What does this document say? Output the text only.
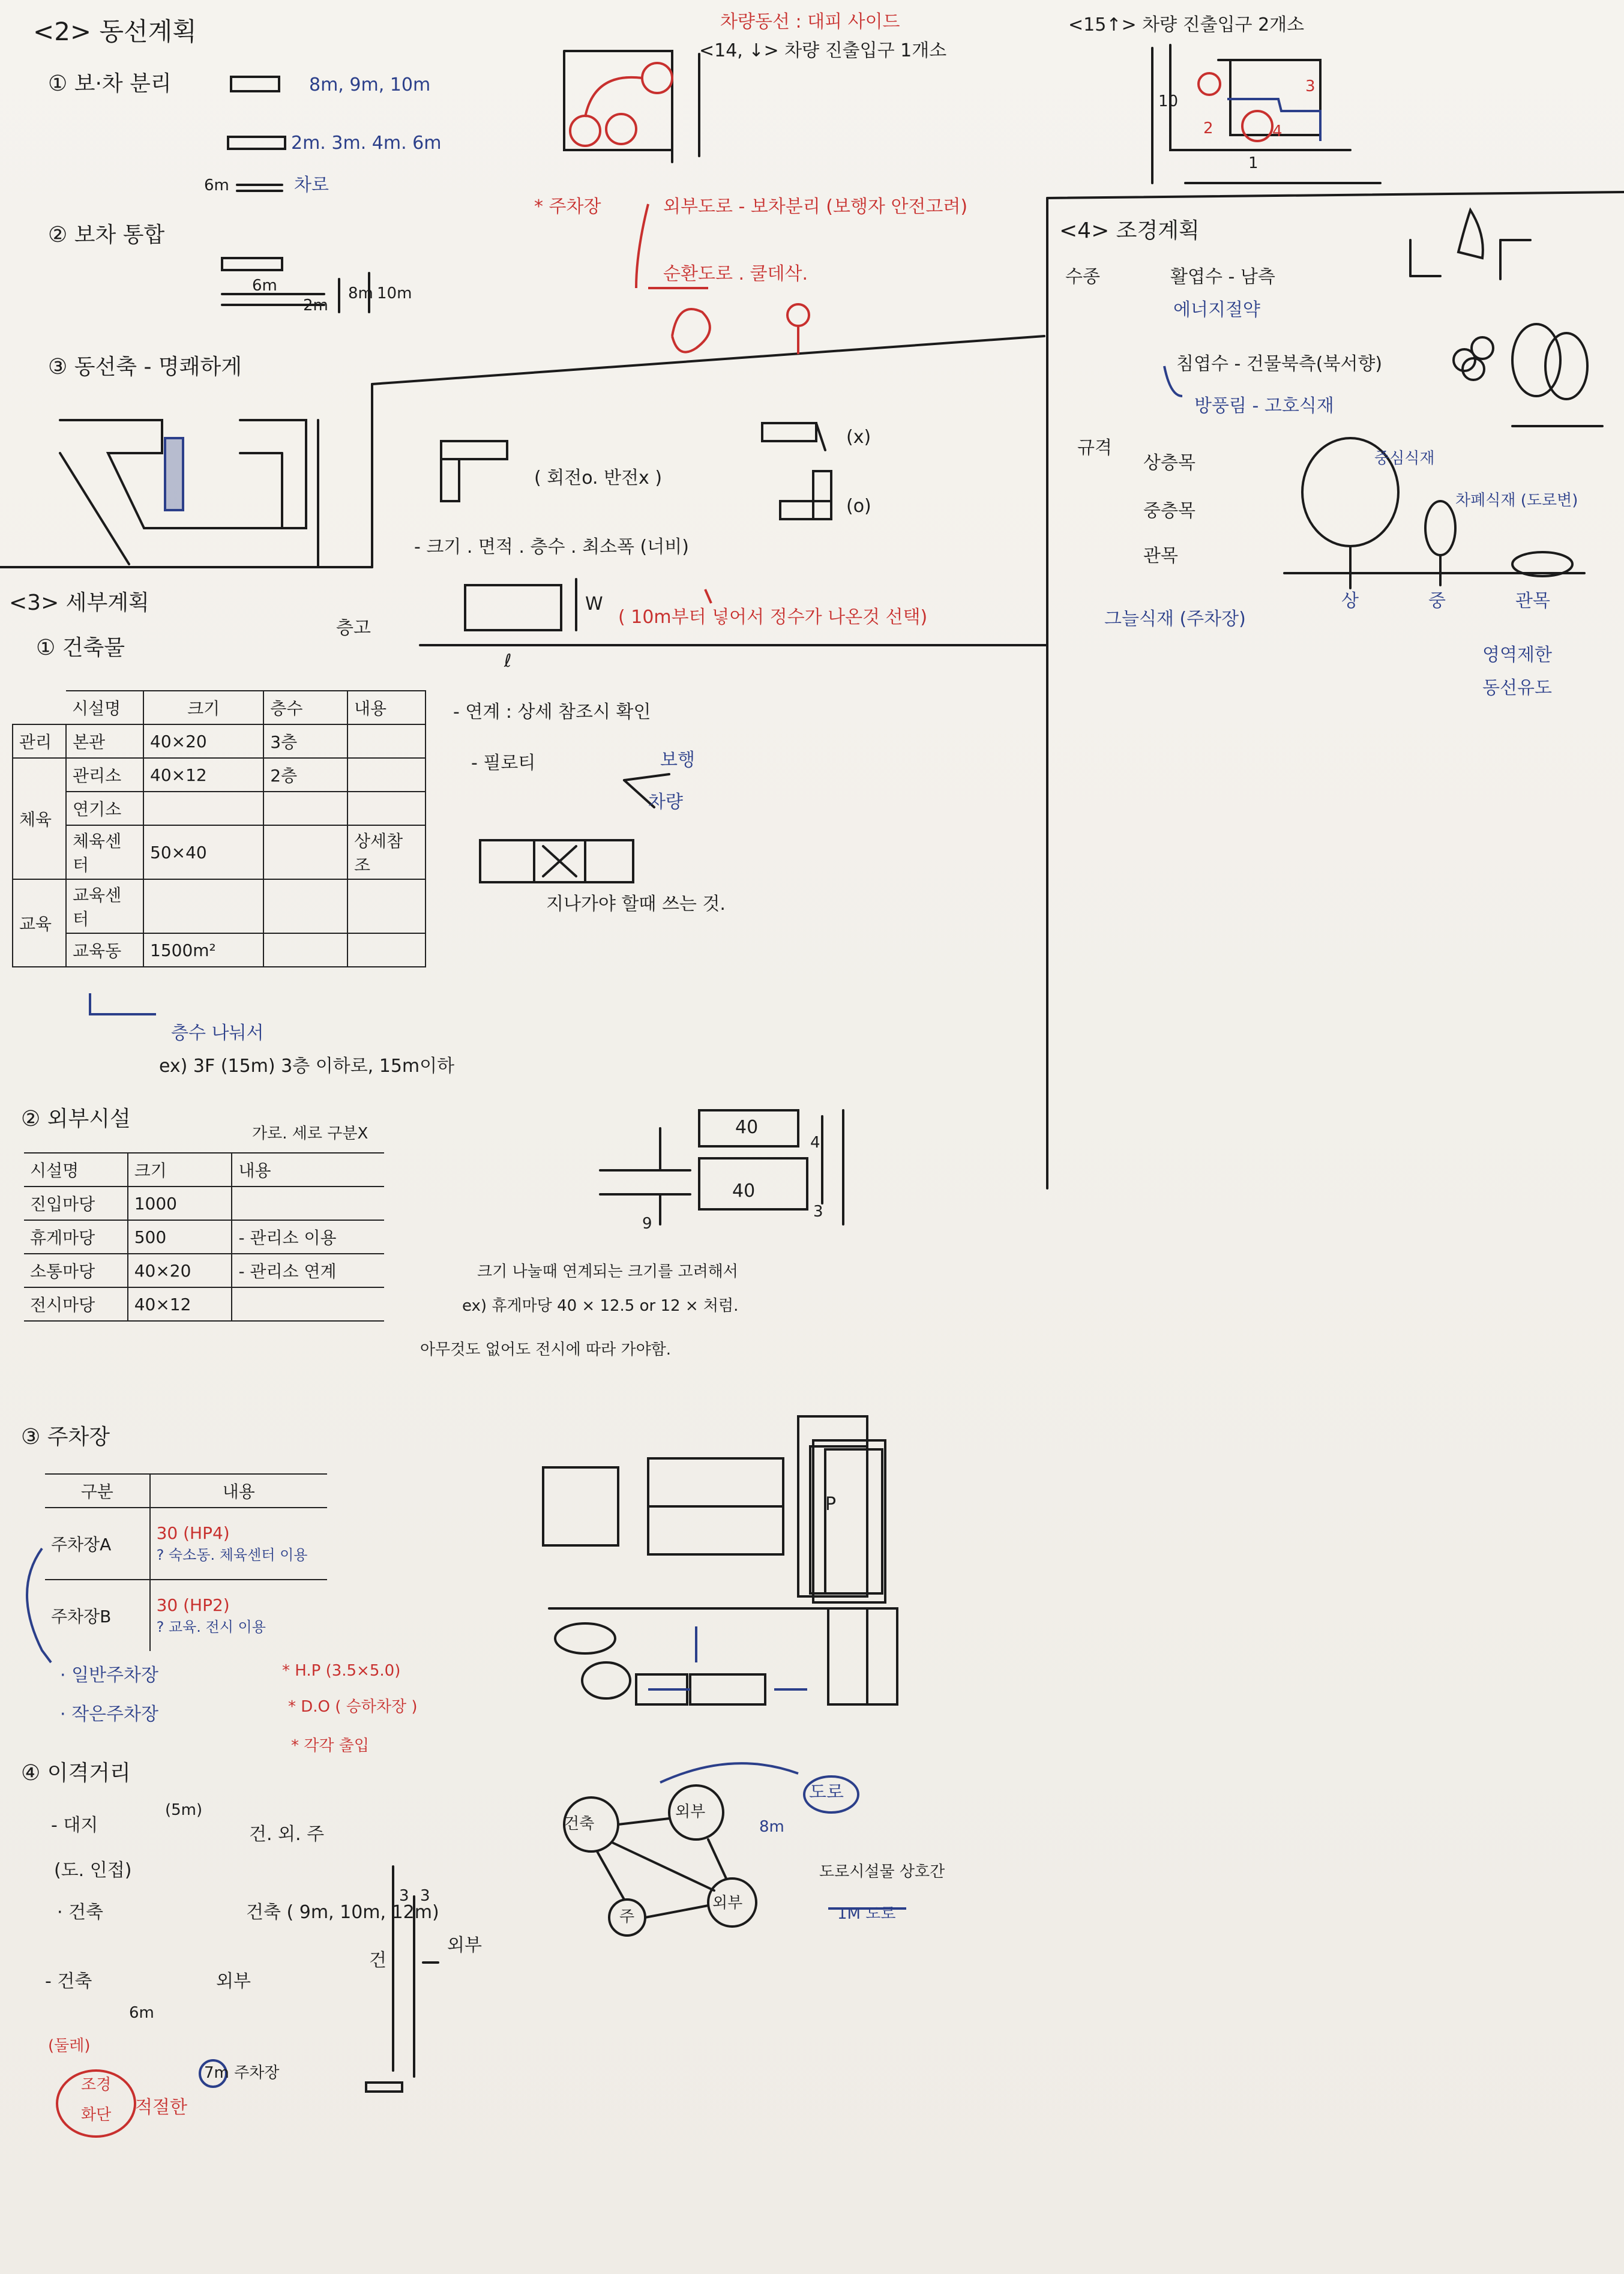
<2> 동선계획
① 보·차 분리	8m, 9m, 10m
2m. 3m. 4m. 6m
6m	차로
② 보차 통합
6m
2m
8m 10m
③ 동선축 - 명쾌하게
차량동선 : 대피 사이드
<14, ↓> 차량 진출입구 1개소
<15↑> 차량 진출입구 2개소
* 주차장	외부도로 - 보차분리 (보행자 안전고려)
순환도로 . 쿨데삭.
10
1
2
3
4
( 회전o. 반전x )
(x)
(o)
- 크기 . 면적 . 층수 . 최소폭 (너비)
W
ℓ
( 10m부터 넣어서 정수가 나온것 선택)
- 연계 : 상세 참조시 확인
- 필로티	보행
차량
지나가야 할때 쓰는 것.
<4> 조경계획
수종	활엽수 - 남측
에너지절약
침엽수 - 건물북측(북서향)
방풍림 - 고호식재
규격
상층목
중층목
관목
중심식재
차폐식재 (도로변)
그늘식재 (주차장)
상	중	관목
영역제한
동선유도
<3> 세부계획
① 건축물
층고
	시설명	크기	층수	내용
관리	본관	40×20	3층	
체육	관리소	40×12	2층	
	연기소			
	체육센터	50×40		상세참조
교육	교육센터			
	교육동	1500m²		
층수 나눠서
ex) 3F (15m) 3층 이하로, 15m이하
② 외부시설
가로. 세로 구분X
시설명	크기	내용
진입마당	1000	
휴게마당	500	- 관리소 이용
소통마당	40×20	- 관리소 연계
전시마당	40×12	
40
40
4
3
9
크기 나눌때 연계되는 크기를 고려해서
ex) 휴게마당 40 × 12.5 or 12 × 처럼.
아무것도 없어도 전시에 따라 가야함.
③ 주차장
구분	내용
주차장A	30 (HP4)
? 숙소동. 체육센터 이용

주차장B	30 (HP2)
? 교육. 전시 이용
· 일반주차장	* H.P (3.5×5.0)
· 작은주차장	* D.O ( 승하차장 )
* 각각 출입
P
④ 이격거리
- 대지
(5m)
건. 외. 주
(도. 인접)
· 건축	건축 ( 9m, 10m, 12m)
- 건축	외부
6m
(둘레)
7m 주차장
조경
화단 적절한
건
외부
3 3
건축
외부
주
외부
도로
8m
도로시설물 상호간
1M 도로
